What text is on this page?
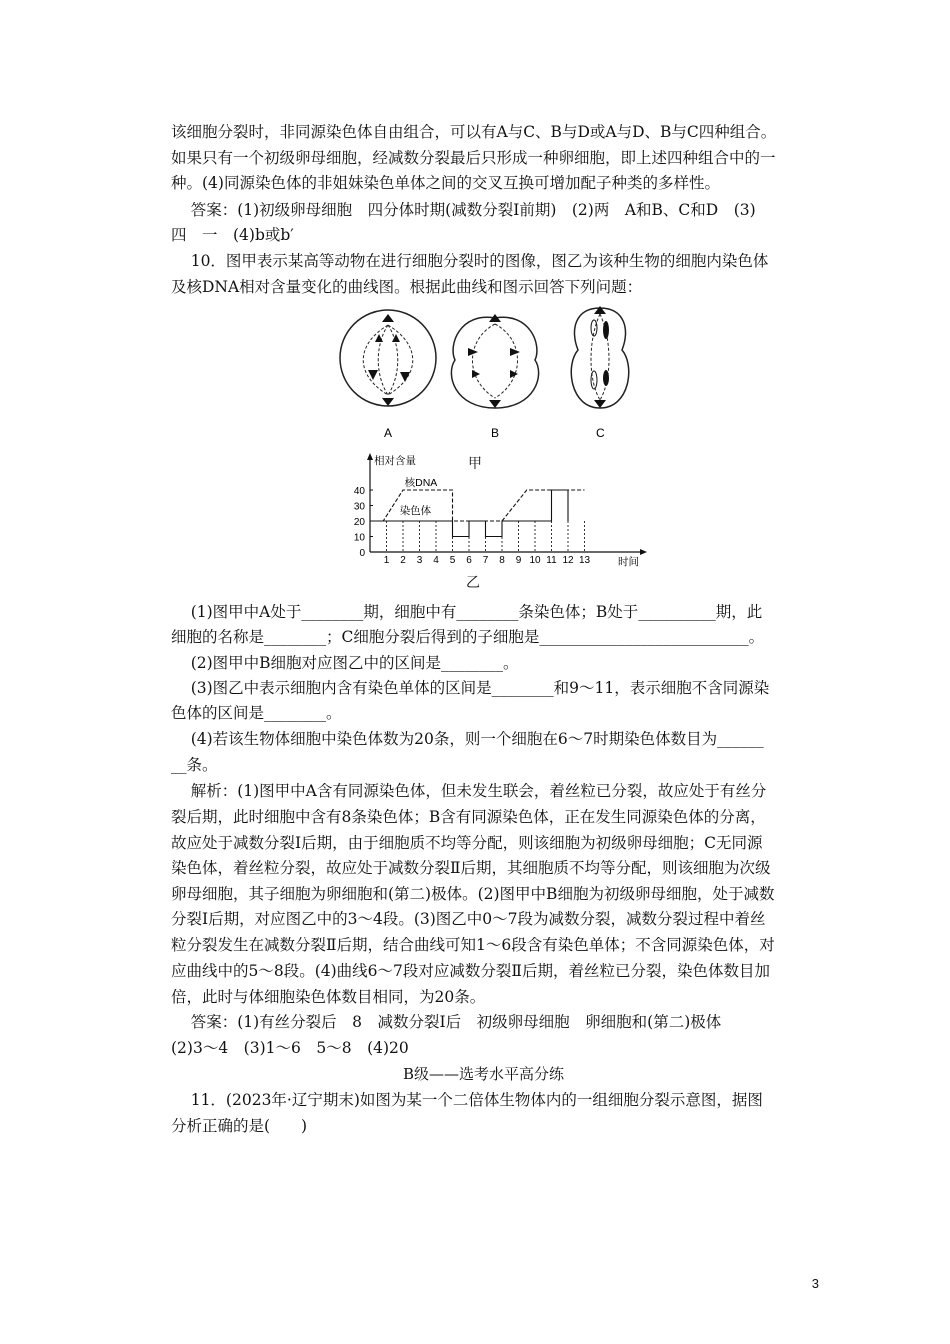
该细胞分裂时，非同源染色体自由组合，可以有A与C、B与D或A与D、B与C四种组合。
如果只有一个初级卵母细胞，经减数分裂最后只形成一种卵细胞，即上述四种组合中的一
种。(4)同源染色体的非姐妹染色单体之间的交叉互换可增加配子种类的多样性。
答案：(1)初级卵母细胞　四分体时期(减数分裂Ⅰ前期)　(2)两　A和B、C和D　(3)
四　一　(4)b或b′
10．图甲表示某高等动物在进行细胞分裂时的图像，图乙为该种生物的细胞内染色体
及核DNA相对含量变化的曲线图。根据此曲线和图示回答下列问题：
(1)图甲中A处于________期，细胞中有________条染色体；B处于__________期，此
细胞的名称是________；C细胞分裂后得到的子细胞是___________________________。
(2)图甲中B细胞对应图乙中的区间是________。
(3)图乙中表示细胞内含有染色单体的区间是________和9～11，表示细胞不含同源染
色体的区间是________。
(4)若该生物体细胞中染色体数为20条，则一个细胞在6～7时期染色体数目为______
__条。
解析：(1)图甲中A含有同源染色体，但未发生联会，着丝粒已分裂，故应处于有丝分
裂后期，此时细胞中含有8条染色体；B含有同源染色体，正在发生同源染色体的分离，
故应处于减数分裂Ⅰ后期，由于细胞质不均等分配，则该细胞为初级卵母细胞；C无同源
染色体，着丝粒分裂，故应处于减数分裂Ⅱ后期，其细胞质不均等分配，则该细胞为次级
卵母细胞，其子细胞为卵细胞和(第二)极体。(2)图甲中B细胞为初级卵母细胞，处于减数
分裂Ⅰ后期，对应图乙中的3～4段。(3)图乙中0～7段为减数分裂，减数分裂过程中着丝
粒分裂发生在减数分裂Ⅱ后期，结合曲线可知1～6段含有染色单体；不含同源染色体，对
应曲线中的5～8段。(4)曲线6～7段对应减数分裂Ⅱ后期，着丝粒已分裂，染色体数目加
倍，此时与体细胞染色体数目相同，为20条。
答案：(1)有丝分裂后　8　减数分裂Ⅰ后　初级卵母细胞　卵细胞和(第二)极体
(2)3～4　(3)1～6　5～8　(4)20
B级——选考水平高分练
11．(2023年·辽宁期末)如图为某一个二倍体生物体内的一组细胞分裂示意图，据图
分析正确的是(　　)
A	B	C
甲
相对含量
时间
0
10
20
30
40
1 2 3 4 5 6 7 8 9 10 11 12 13
核DNA
染色体
乙
3
